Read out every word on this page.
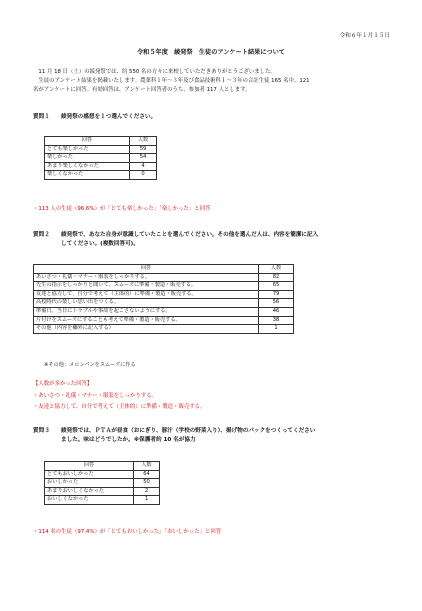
令和６年１月１５日
令和５年度　綾発祭　生徒のアンケート結果について
　11 月 18 日（土）の綾発祭では、約 550 名の方々に来校していただきありがとうございました。
　生徒のアンケート結果を掲載いたします。農業科１年～３年及び食品技術科１～３年の合計生徒 165 名中、121
名がアンケートに回答。有効回答は、アンケート回答者のうち、参加者 117 人とします。
質問１ 綾発祭の感想を１つ選んでください。
回答	人数
とても楽しかった	59
楽しかった	54
あまり楽しくなかった	4
楽しくなかった	0
・113 人の生徒（96.6%）が「とても楽しかった」「楽しかった」と回答
質問２ 綾発祭で、あなた自身が意識していたことを選んでください。その他を選んだ人は、内容を簡潔に記入
してください。(複数回答可)。
回答	人数
あいさつ・礼儀・マナー・服装をしっかりする。	82
先生の指示をしっかりと聞いて、スムーズに準備・製造・販売する。	65
友達と協力して、自分で考えて（主体的）に準備・製造・販売する。	79
高校時代の楽しい思い出をつくる。	56
準備日、当日にトラブルや事故を起こさないようにする。	46
片付けをスムーズにすることも考えて準備・製造・販売する。	38
その他（内容を欄外に記入する）	1
※その他：メロンパンをスムーズに作る
【人数が多かった回答】
・あいさつ・礼儀・マナー・服装をしっかりする。
・友達と協力して、自分で考えて（主体的）に準備・製造・販売する。
質問３ 綾発祭では、ＰＴＡが昼食（おにぎり、豚汁（学校の野菜入り）、揚げ物のパックをつくってください
ました。味はどうでしたか。※保護者約 10 名が協力
回答	人数
とてもおいしかった	64
おいしかった	50
あまりおいしくなかった	2
おいしくなかった	1
・114 名の生徒（97.4%）が「とてもおいしかった」「おいしかった」と回答
